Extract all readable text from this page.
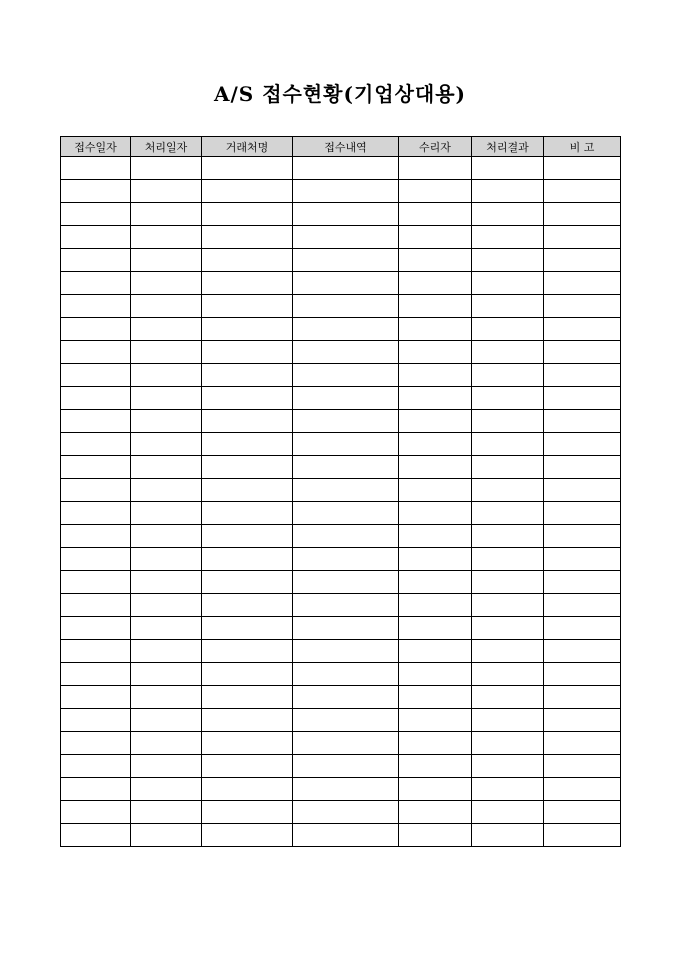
A/S 접수현황(기업상대용)
접수일자	처리일자	거래처명	접수내역	수리자	처리결과	비 고
